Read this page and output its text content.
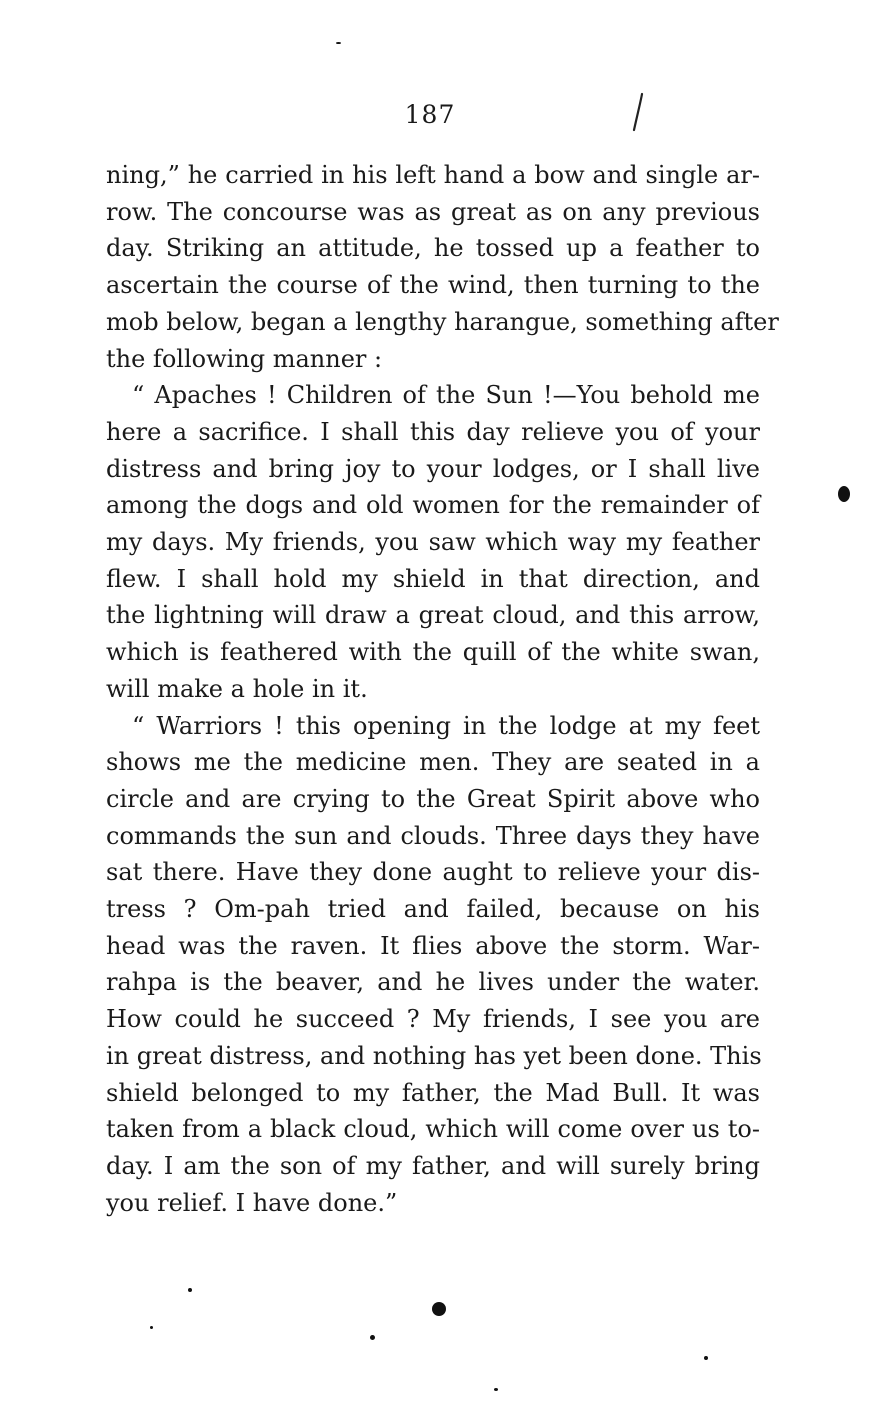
187
ning,” he carried in his left hand a bow and single ar-
row. The concourse was as great as on any previous
day. Striking an attitude, he tossed up a feather to
ascertain the course of the wind, then turning to the
mob below, began a lengthy harangue, something after
the following manner :
“ Apaches ! Children of the Sun !—You behold me
here a sacrifice. I shall this day relieve you of your
distress and bring joy to your lodges, or I shall live
among the dogs and old women for the remainder of
my days. My friends, you saw which way my feather
flew. I shall hold my shield in that direction, and
the lightning will draw a great cloud, and this arrow,
which is feathered with the quill of the white swan,
will make a hole in it.
“ Warriors ! this opening in the lodge at my feet
shows me the medicine men. They are seated in a
circle and are crying to the Great Spirit above who
commands the sun and clouds. Three days they have
sat there. Have they done aught to relieve your dis-
tress ? Om-pah tried and failed, because on his
head was the raven. It flies above the storm. War-
rahpa is the beaver, and he lives under the water.
How could he succeed ? My friends, I see you are
in great distress, and nothing has yet been done. This
shield belonged to my father, the Mad Bull. It was
taken from a black cloud, which will come over us to-
day. I am the son of my father, and will surely bring
you relief. I have done.”
